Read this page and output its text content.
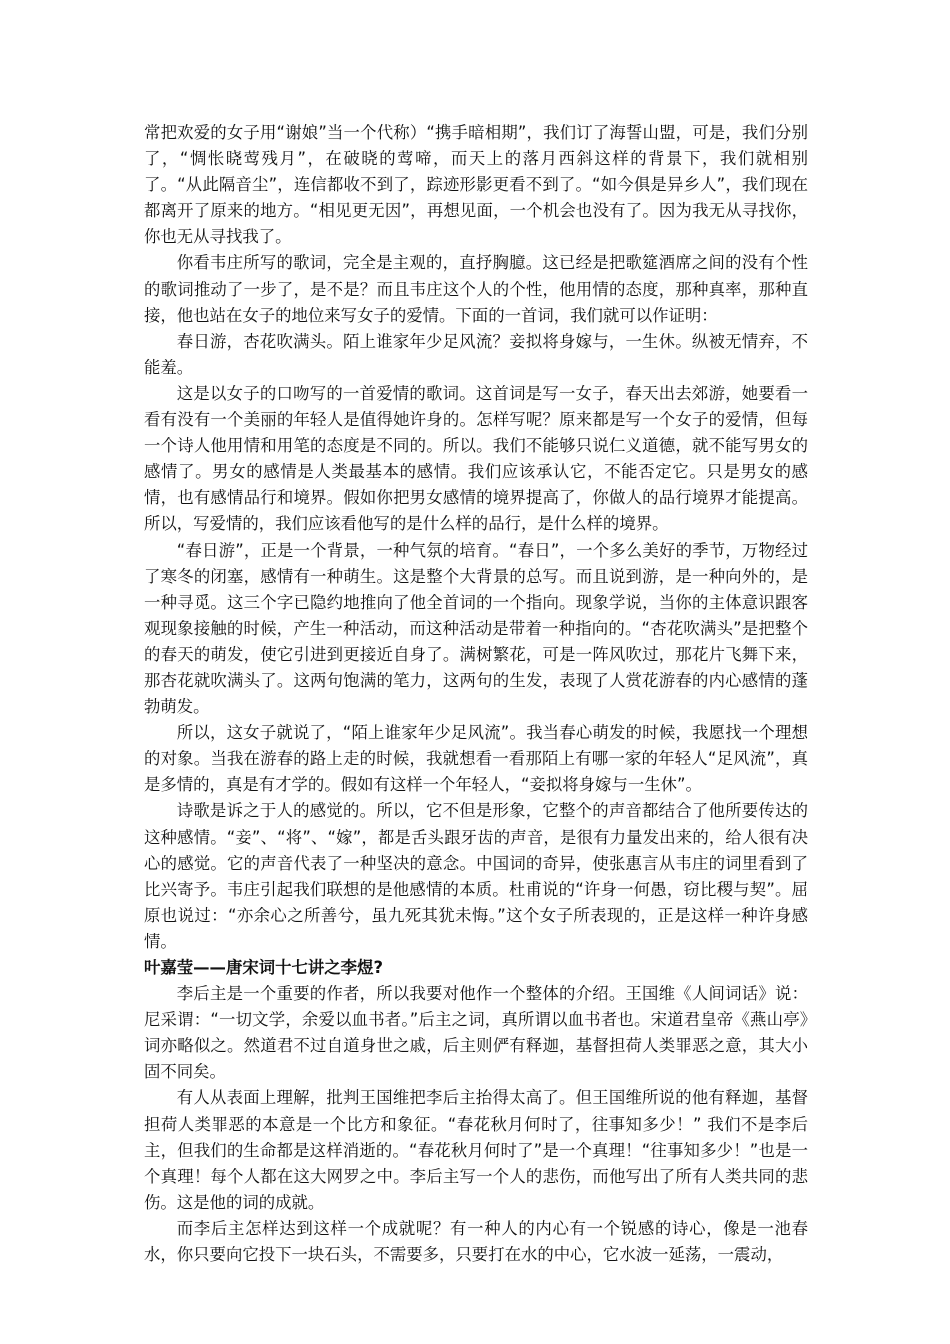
常把欢爱的女子用“谢娘”当一个代称）“携手暗相期”，我们订了海誓山盟，可是，我们分别了，“惆怅晓莺残月”，在破晓的莺啼，而天上的落月西斜这样的背景下，我们就相别了。“从此隔音尘”，连信都收不到了，踪迹形影更看不到了。“如今俱是异乡人”，我们现在都离开了原来的地方。“相见更无因”，再想见面，一个机会也没有了。因为我无从寻找你，你也无从寻找我了。

你看韦庄所写的歌词，完全是主观的，直抒胸臆。这已经是把歌筵酒席之间的没有个性的歌词推动了一步了，是不是？而且韦庄这个人的个性，他用情的态度，那种真率，那种直接，他也站在女子的地位来写女子的爱情。下面的一首词，我们就可以作证明：

春日游，杏花吹满头。陌上谁家年少足风流？妾拟将身嫁与，一生休。纵被无情弃，不能羞。

这是以女子的口吻写的一首爱情的歌词。这首词是写一女子，春天出去郊游，她要看一看有没有一个美丽的年轻人是值得她许身的。怎样写呢？原来都是写一个女子的爱情，但每一个诗人他用情和用笔的态度是不同的。所以。我们不能够只说仁义道德，就不能写男女的感情了。男女的感情是人类最基本的感情。我们应该承认它，不能否定它。只是男女的感情，也有感情品行和境界。假如你把男女感情的境界提高了，你做人的品行境界才能提高。所以，写爱情的，我们应该看他写的是什么样的品行，是什么样的境界。

“春日游”，正是一个背景，一种气氛的培育。“春日”，一个多么美好的季节，万物经过了寒冬的闭塞，感情有一种萌生。这是整个大背景的总写。而且说到游，是一种向外的，是一种寻觅。这三个字已隐约地推向了他全首词的一个指向。现象学说，当你的主体意识跟客观现象接触的时候，产生一种活动，而这种活动是带着一种指向的。“杏花吹满头”是把整个的春天的萌发，使它引进到更接近自身了。满树繁花，可是一阵风吹过，那花片飞舞下来，那杏花就吹满头了。这两句饱满的笔力，这两句的生发，表现了人赏花游春的内心感情的蓬勃萌发。

所以，这女子就说了，“陌上谁家年少足风流”。我当春心萌发的时候，我愿找一个理想的对象。当我在游春的路上走的时候，我就想看一看那陌上有哪一家的年轻人“足风流”，真是多情的，真是有才学的。假如有这样一个年轻人，“妾拟将身嫁与一生休”。

诗歌是诉之于人的感觉的。所以，它不但是形象，它整个的声音都结合了他所要传达的这种感情。“妾”、“将”、“嫁”，都是舌头跟牙齿的声音，是很有力量发出来的，给人很有决心的感觉。它的声音代表了一种坚决的意念。中国词的奇异，使张惠言从韦庄的词里看到了比兴寄予。韦庄引起我们联想的是他感情的本质。杜甫说的“许身一何愚，窃比稷与契”。屈原也说过：“亦余心之所善兮，虽九死其犹未悔。”这个女子所表现的，正是这样一种许身感情。

叶嘉莹——唐宋词十七讲之李煜?

李后主是一个重要的作者，所以我要对他作一个整体的介绍。王国维《人间词话》说：尼采谓：“一切文学，余爱以血书者。”后主之词，真所谓以血书者也。宋道君皇帝《燕山亭》词亦略似之。然道君不过自道身世之戚，后主则俨有释迦，基督担荷人类罪恶之意，其大小固不同矣。

有人从表面上理解，批判王国维把李后主抬得太高了。但王国维所说的他有释迦，基督担荷人类罪恶的本意是一个比方和象征。“春花秋月何时了，往事知多少！” 我们不是李后主，但我们的生命都是这样消逝的。“春花秋月何时了”是一个真理！“往事知多少！”也是一个真理！每个人都在这大网罗之中。李后主写一个人的悲伤，而他写出了所有人类共同的悲伤。这是他的词的成就。

而李后主怎样达到这样一个成就呢？有一种人的内心有一个锐感的诗心，像是一池春水，你只要向它投下一块石头，不需要多，只要打在水的中心，它水波一延荡，一震动，
